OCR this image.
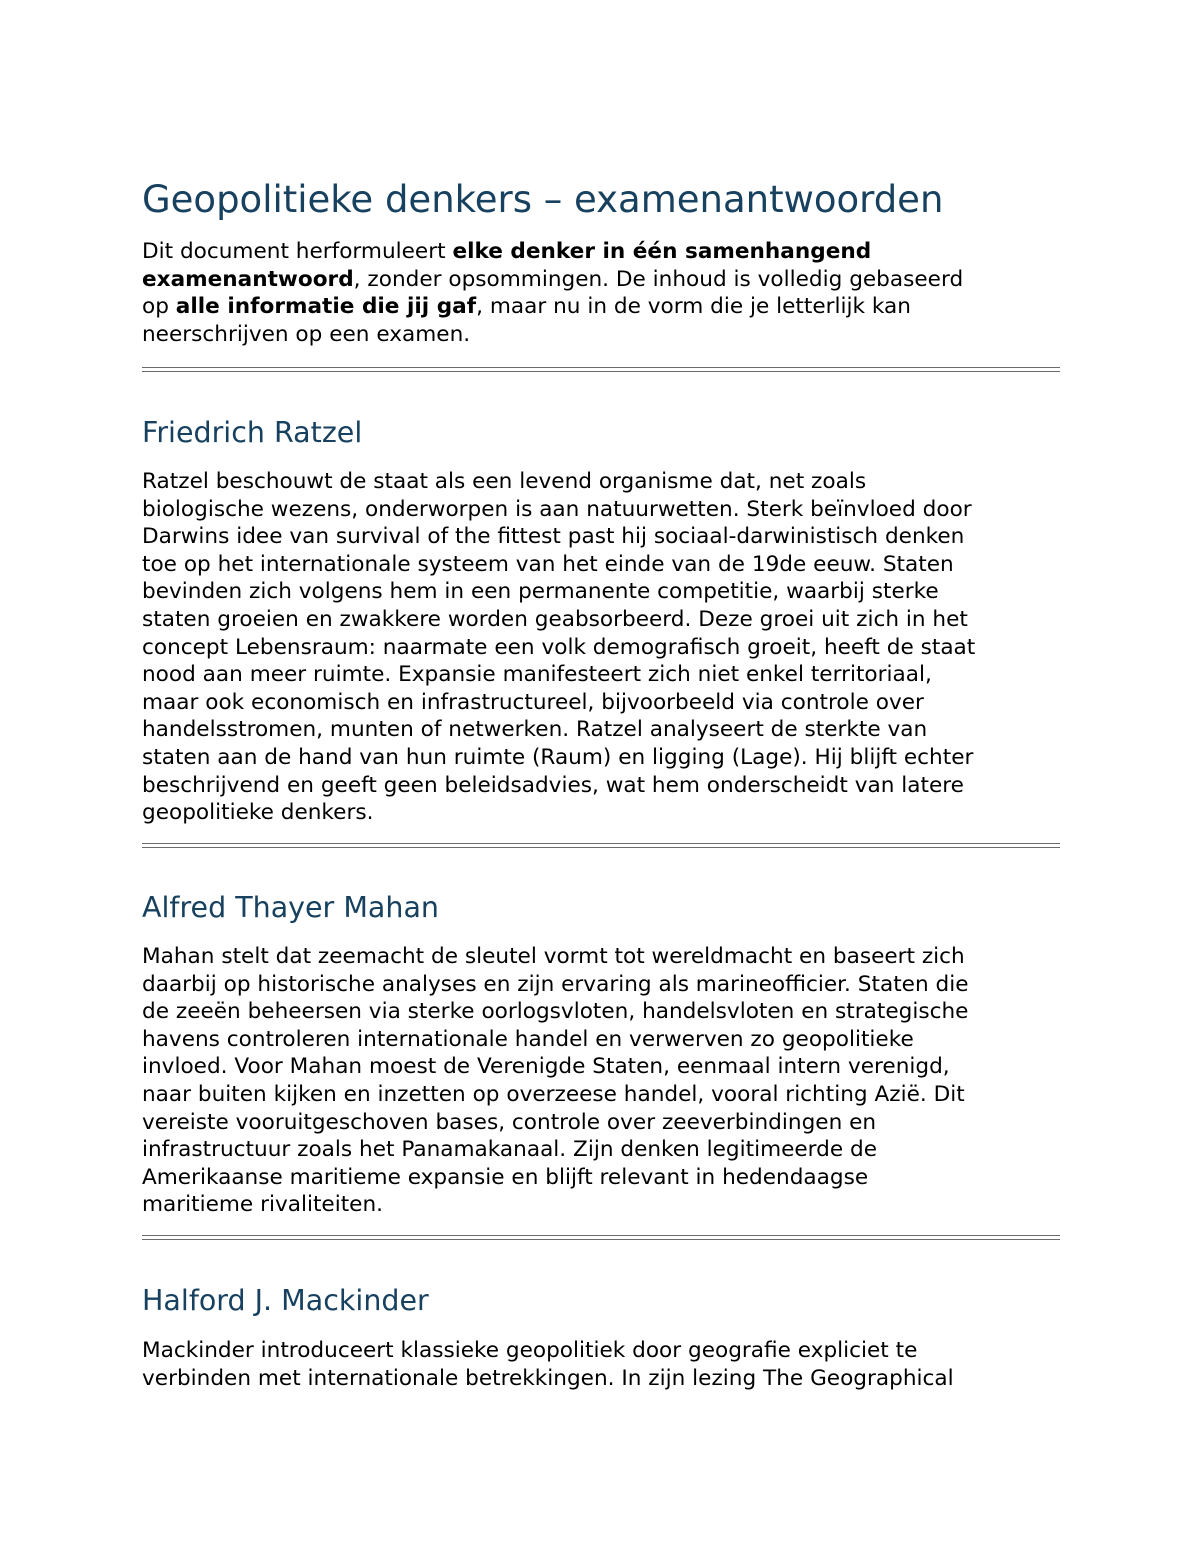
Geopolitieke denkers – examenantwoorden

Dit document herformuleert elke denker in één samenhangend
examenantwoord, zonder opsommingen. De inhoud is volledig gebaseerd
op alle informatie die jij gaf, maar nu in de vorm die je letterlijk kan
neerschrijven op een examen.

Friedrich Ratzel

Ratzel beschouwt de staat als een levend organisme dat, net zoals
biologische wezens, onderworpen is aan natuurwetten. Sterk beïnvloed door
Darwins idee van survival of the fittest past hij sociaal-darwinistisch denken
toe op het internationale systeem van het einde van de 19de eeuw. Staten
bevinden zich volgens hem in een permanente competitie, waarbij sterke
staten groeien en zwakkere worden geabsorbeerd. Deze groei uit zich in het
concept Lebensraum: naarmate een volk demografisch groeit, heeft de staat
nood aan meer ruimte. Expansie manifesteert zich niet enkel territoriaal,
maar ook economisch en infrastructureel, bijvoorbeeld via controle over
handelsstromen, munten of netwerken. Ratzel analyseert de sterkte van
staten aan de hand van hun ruimte (Raum) en ligging (Lage). Hij blijft echter
beschrijvend en geeft geen beleidsadvies, wat hem onderscheidt van latere
geopolitieke denkers.

Alfred Thayer Mahan

Mahan stelt dat zeemacht de sleutel vormt tot wereldmacht en baseert zich
daarbij op historische analyses en zijn ervaring als marineofficier. Staten die
de zeeën beheersen via sterke oorlogsvloten, handelsvloten en strategische
havens controleren internationale handel en verwerven zo geopolitieke
invloed. Voor Mahan moest de Verenigde Staten, eenmaal intern verenigd,
naar buiten kijken en inzetten op overzeese handel, vooral richting Azië. Dit
vereiste vooruitgeschoven bases, controle over zeeverbindingen en
infrastructuur zoals het Panamakanaal. Zijn denken legitimeerde de
Amerikaanse maritieme expansie en blijft relevant in hedendaagse
maritieme rivaliteiten.

Halford J. Mackinder

Mackinder introduceert klassieke geopolitiek door geografie expliciet te
verbinden met internationale betrekkingen. In zijn lezing The Geographical
